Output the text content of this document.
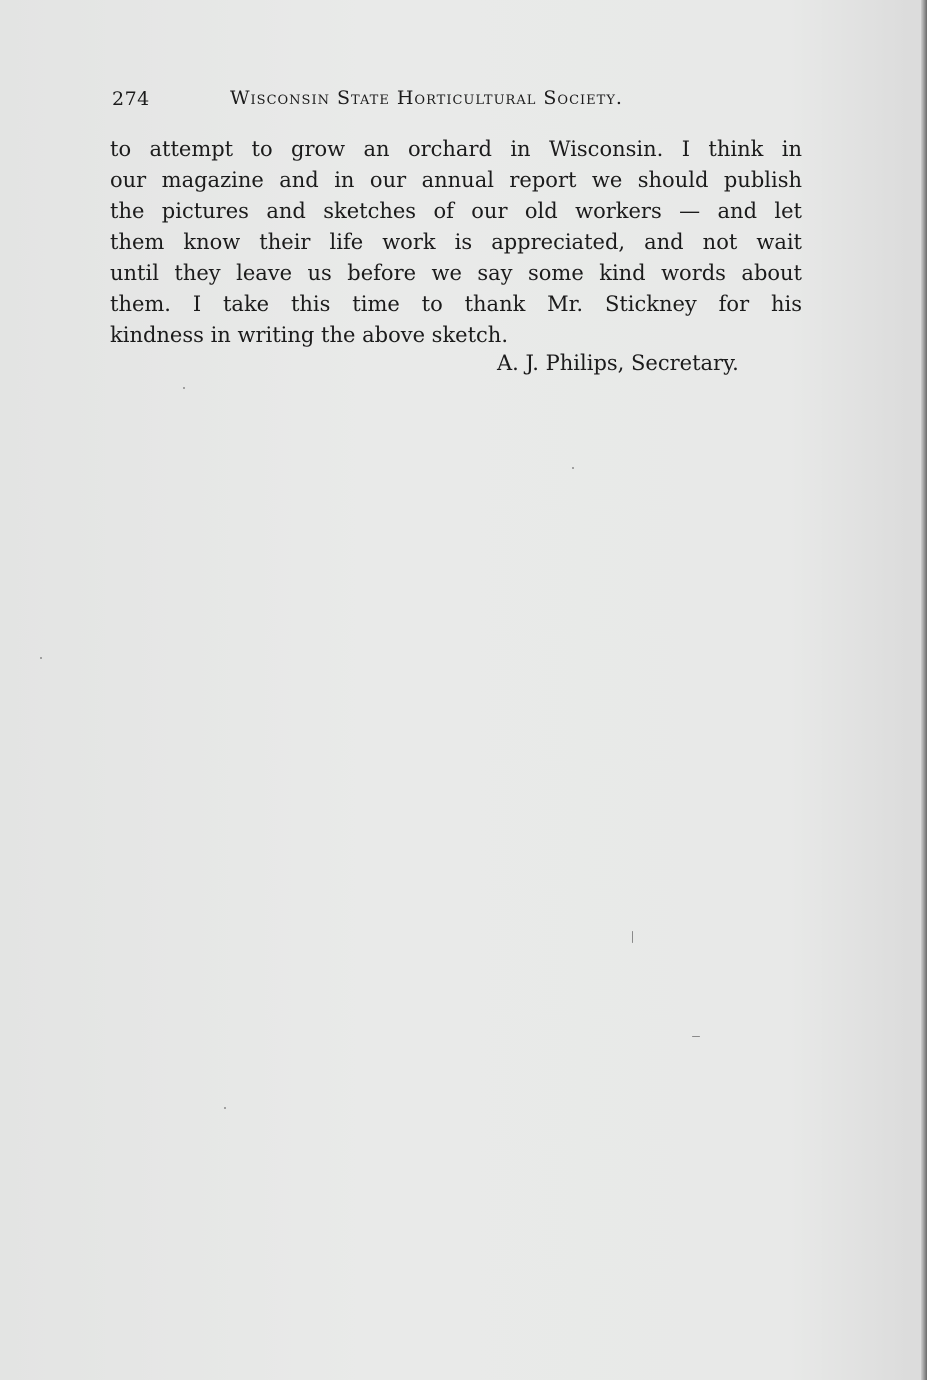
274	Wisconsin State Horticultural Society.
to attempt to grow an orchard in Wisconsin. I think in
our magazine and in our annual report we should publish
the pictures and sketches of our old workers — and let
them know their life work is appreciated, and not wait
until they leave us before we say some kind words about
them. I take this time to thank Mr. Stickney for his
kindness in writing the above sketch.
A. J. Philips, Secretary.
